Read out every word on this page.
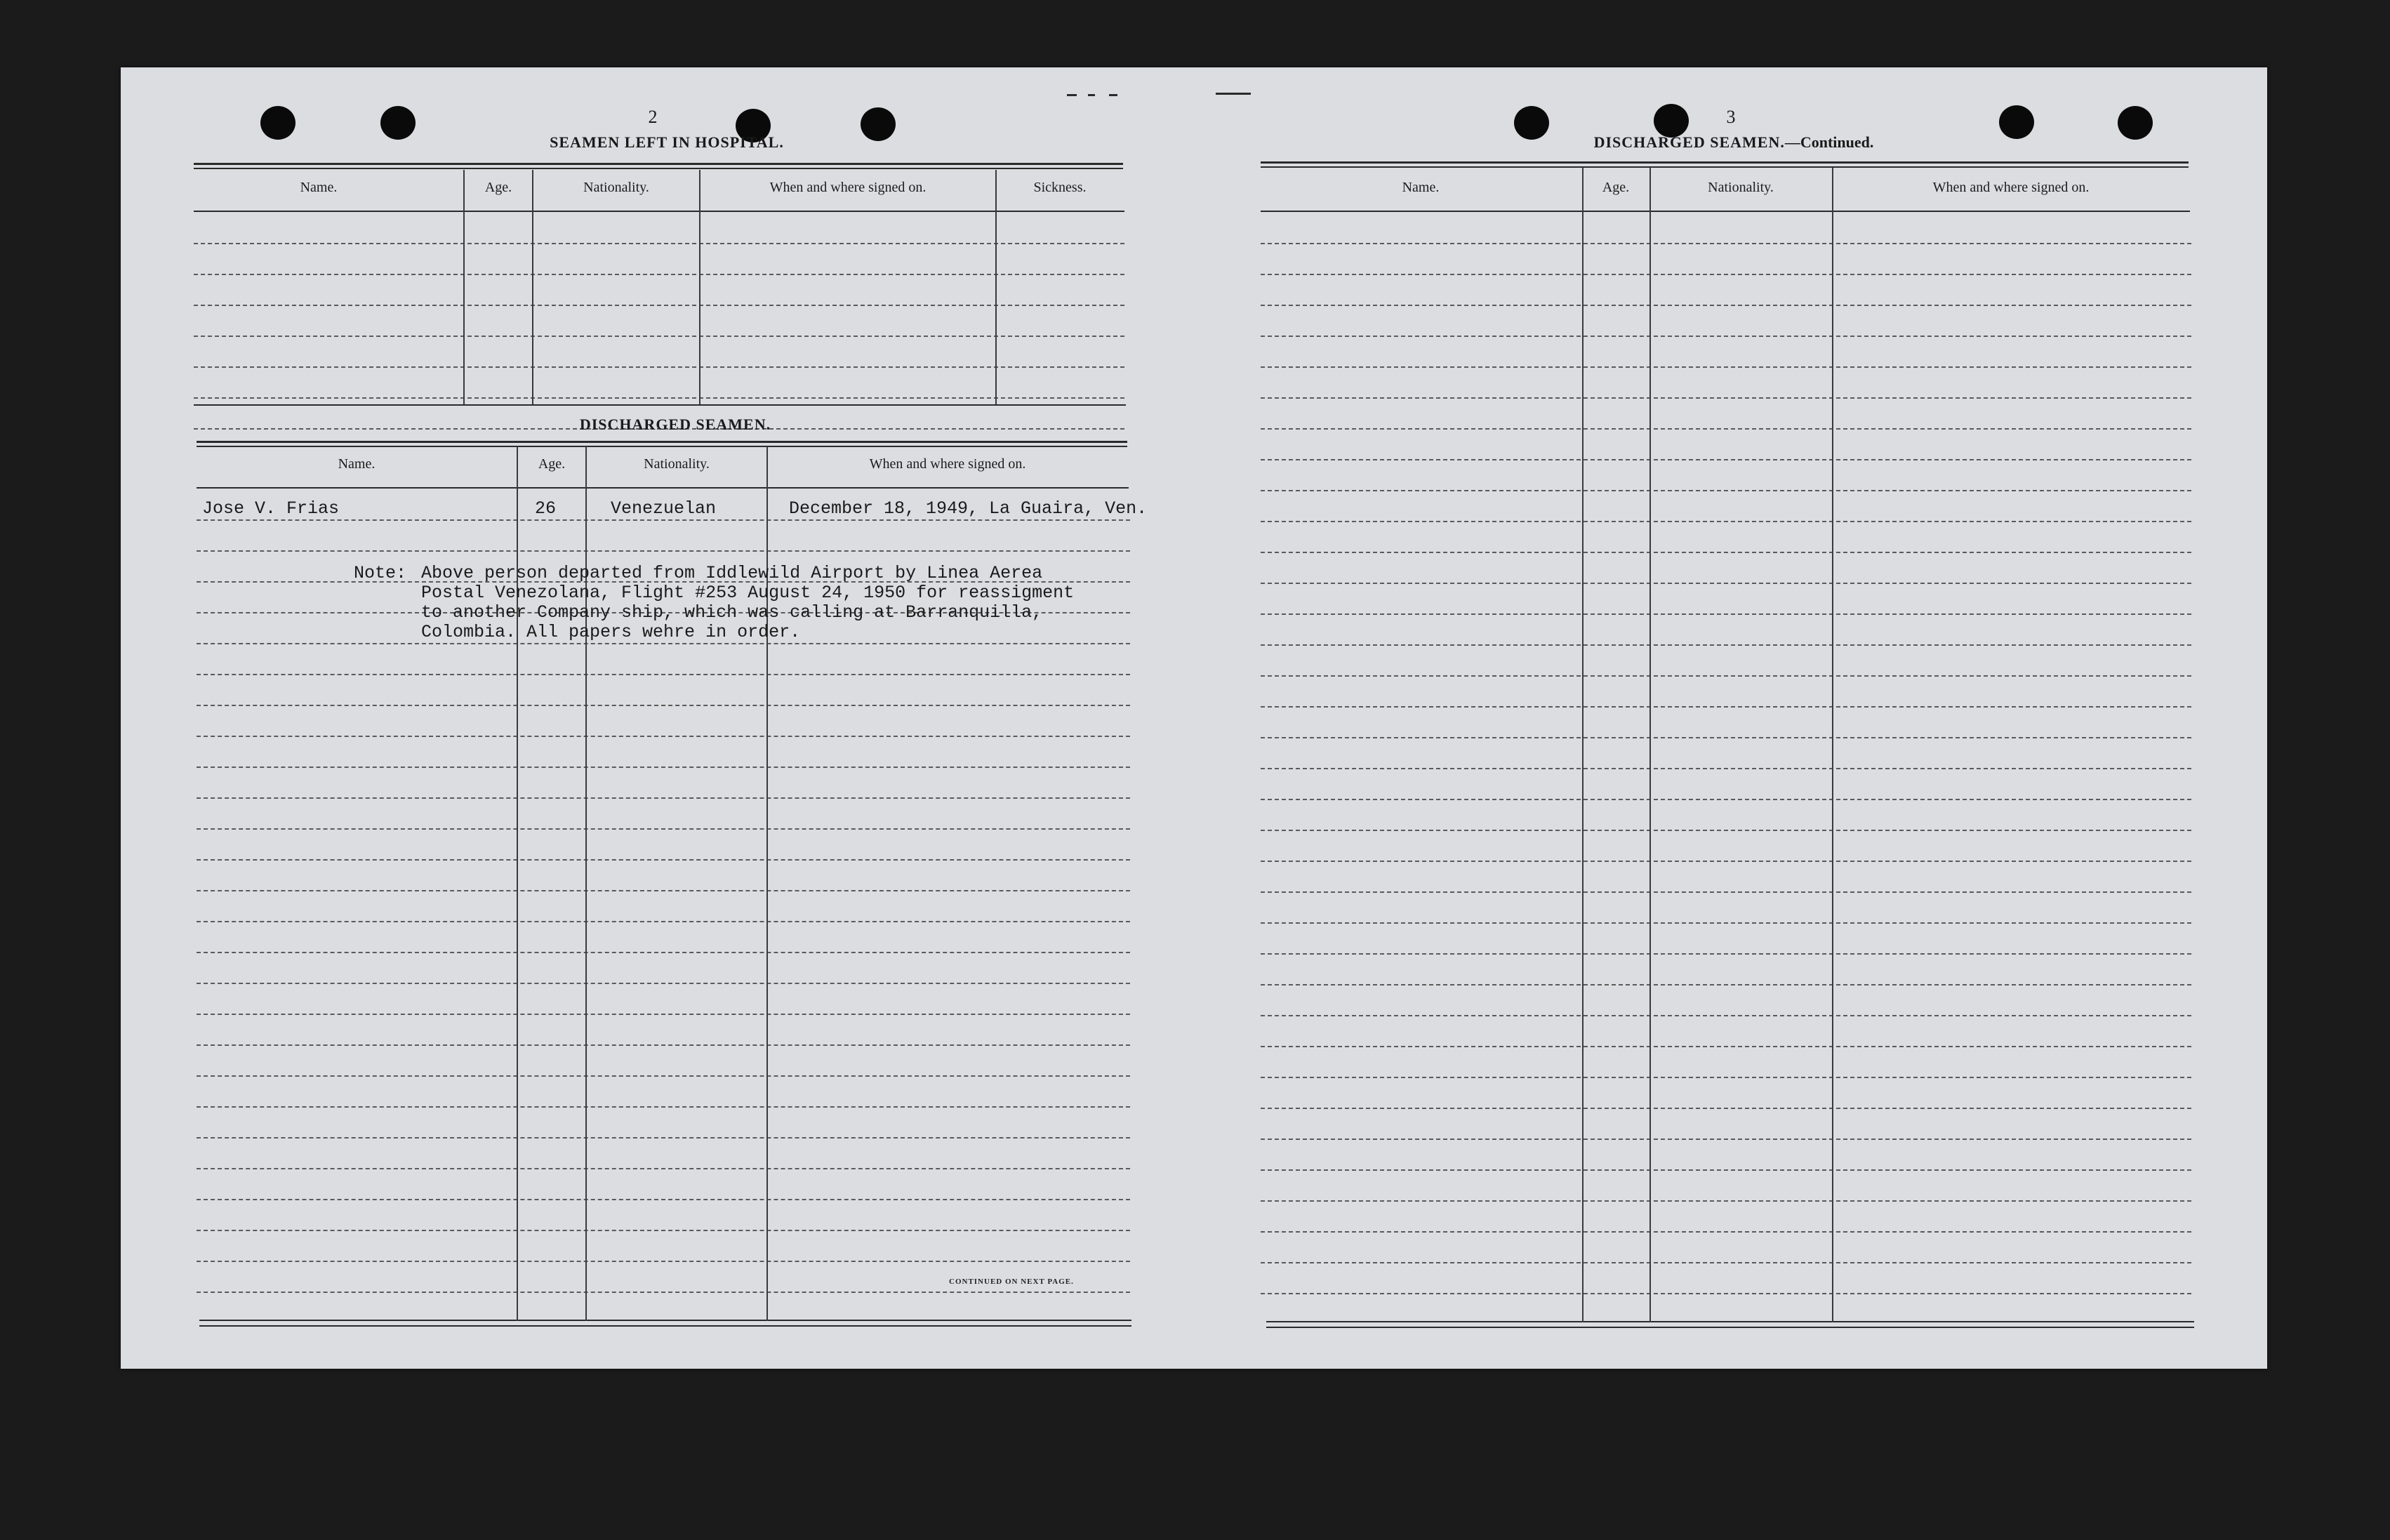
2
SEAMEN LEFT IN HOSPITAL.
Name.	Age.	Nationality.	When and where signed on.	Sickness.
DISCHARGED SEAMEN.
Name.	Age.	Nationality.	When and where signed on.
Jose V. Frias	26	Venezuelan	December 18, 1949, La Guaira, Ven.
Note: Above person departed from Iddlewild Airport by Linea Aerea
Postal Venezolana, Flight #253 August 24, 1950 for reassigment
to another Company ship, which was calling at Barranquilla,
Colombia. All papers wehre in order.
CONTINUED ON NEXT PAGE.
3
DISCHARGED SEAMEN.—Continued.
Name.	Age.	Nationality.	When and where signed on.
